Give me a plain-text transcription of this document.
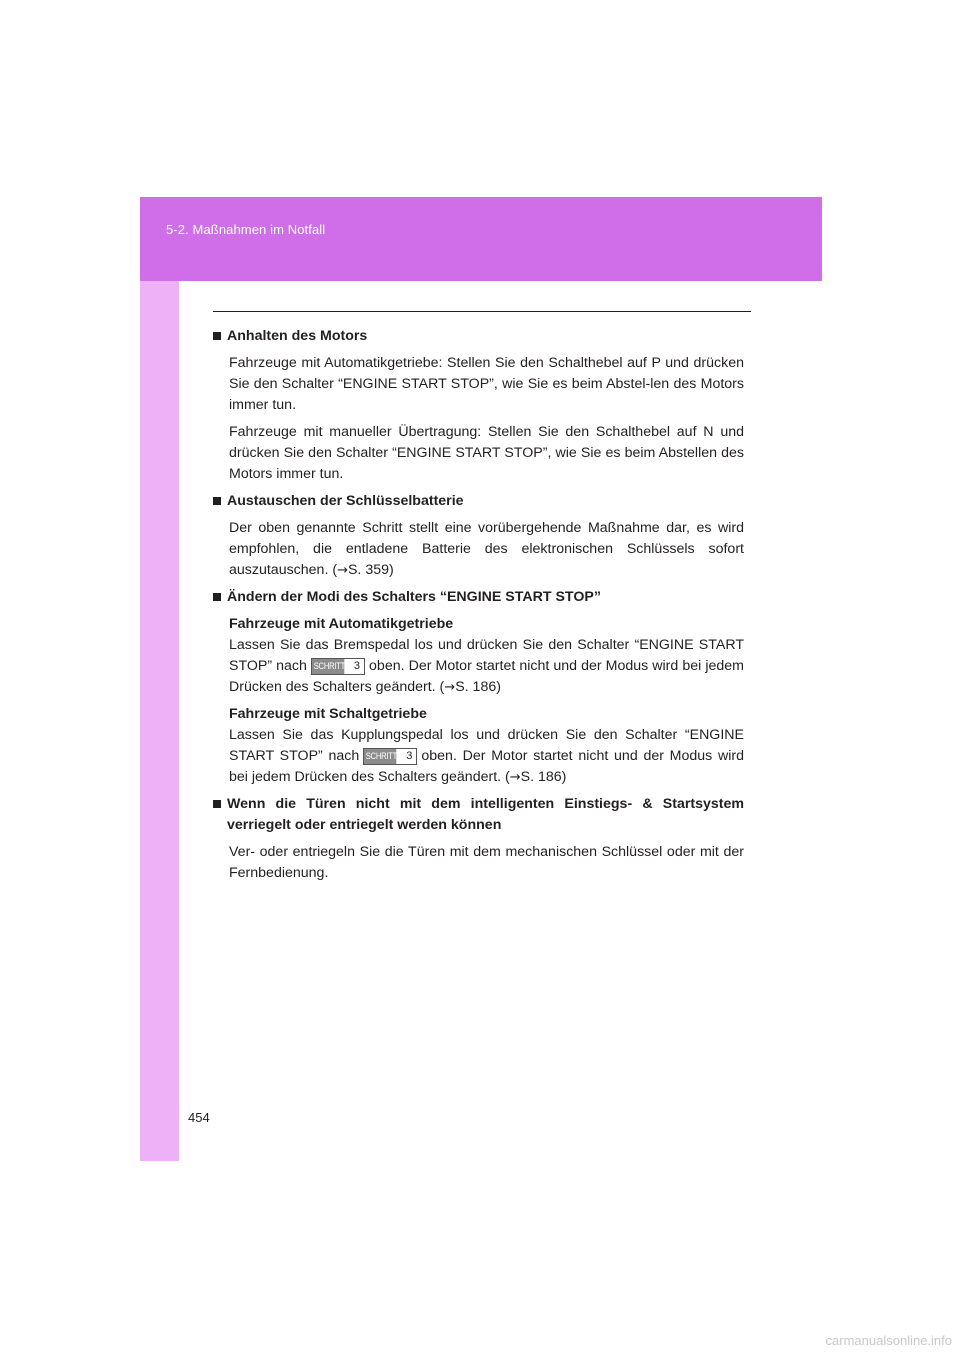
5-2. Maßnahmen im Notfall
Anhalten des Motors
Fahrzeuge mit Automatikgetriebe: Stellen Sie den Schalthebel auf P und drücken Sie den Schalter “ENGINE START STOP”, wie Sie es beim Abstel-len des Motors immer tun.
Fahrzeuge mit manueller Übertragung: Stellen Sie den Schalthebel auf N und drücken Sie den Schalter “ENGINE START STOP”, wie Sie es beim Abstellen des Motors immer tun.
Austauschen der Schlüsselbatterie
Der oben genannte Schritt stellt eine vorübergehende Maßnahme dar, es wird empfohlen, die entladene Batterie des elektronischen Schlüssels sofort auszutauschen. (→S. 359)
Ändern der Modi des Schalters “ENGINE START STOP”
Fahrzeuge mit Automatikgetriebe
Lassen Sie das Bremspedal los und drücken Sie den Schalter “ENGINE START STOP” nach SCHRITT 3 oben. Der Motor startet nicht und der Modus wird bei jedem Drücken des Schalters geändert. (→S. 186)
Fahrzeuge mit Schaltgetriebe
Lassen Sie das Kupplungspedal los und drücken Sie den Schalter “ENGINE START STOP” nach SCHRITT 3 oben. Der Motor startet nicht und der Modus wird bei jedem Drücken des Schalters geändert. (→S. 186)
Wenn die Türen nicht mit dem intelligenten Einstiegs- & Startsystem verriegelt oder entriegelt werden können
Ver- oder entriegeln Sie die Türen mit dem mechanischen Schlüssel oder mit der Fernbedienung.
454
carmanualsonline.info
